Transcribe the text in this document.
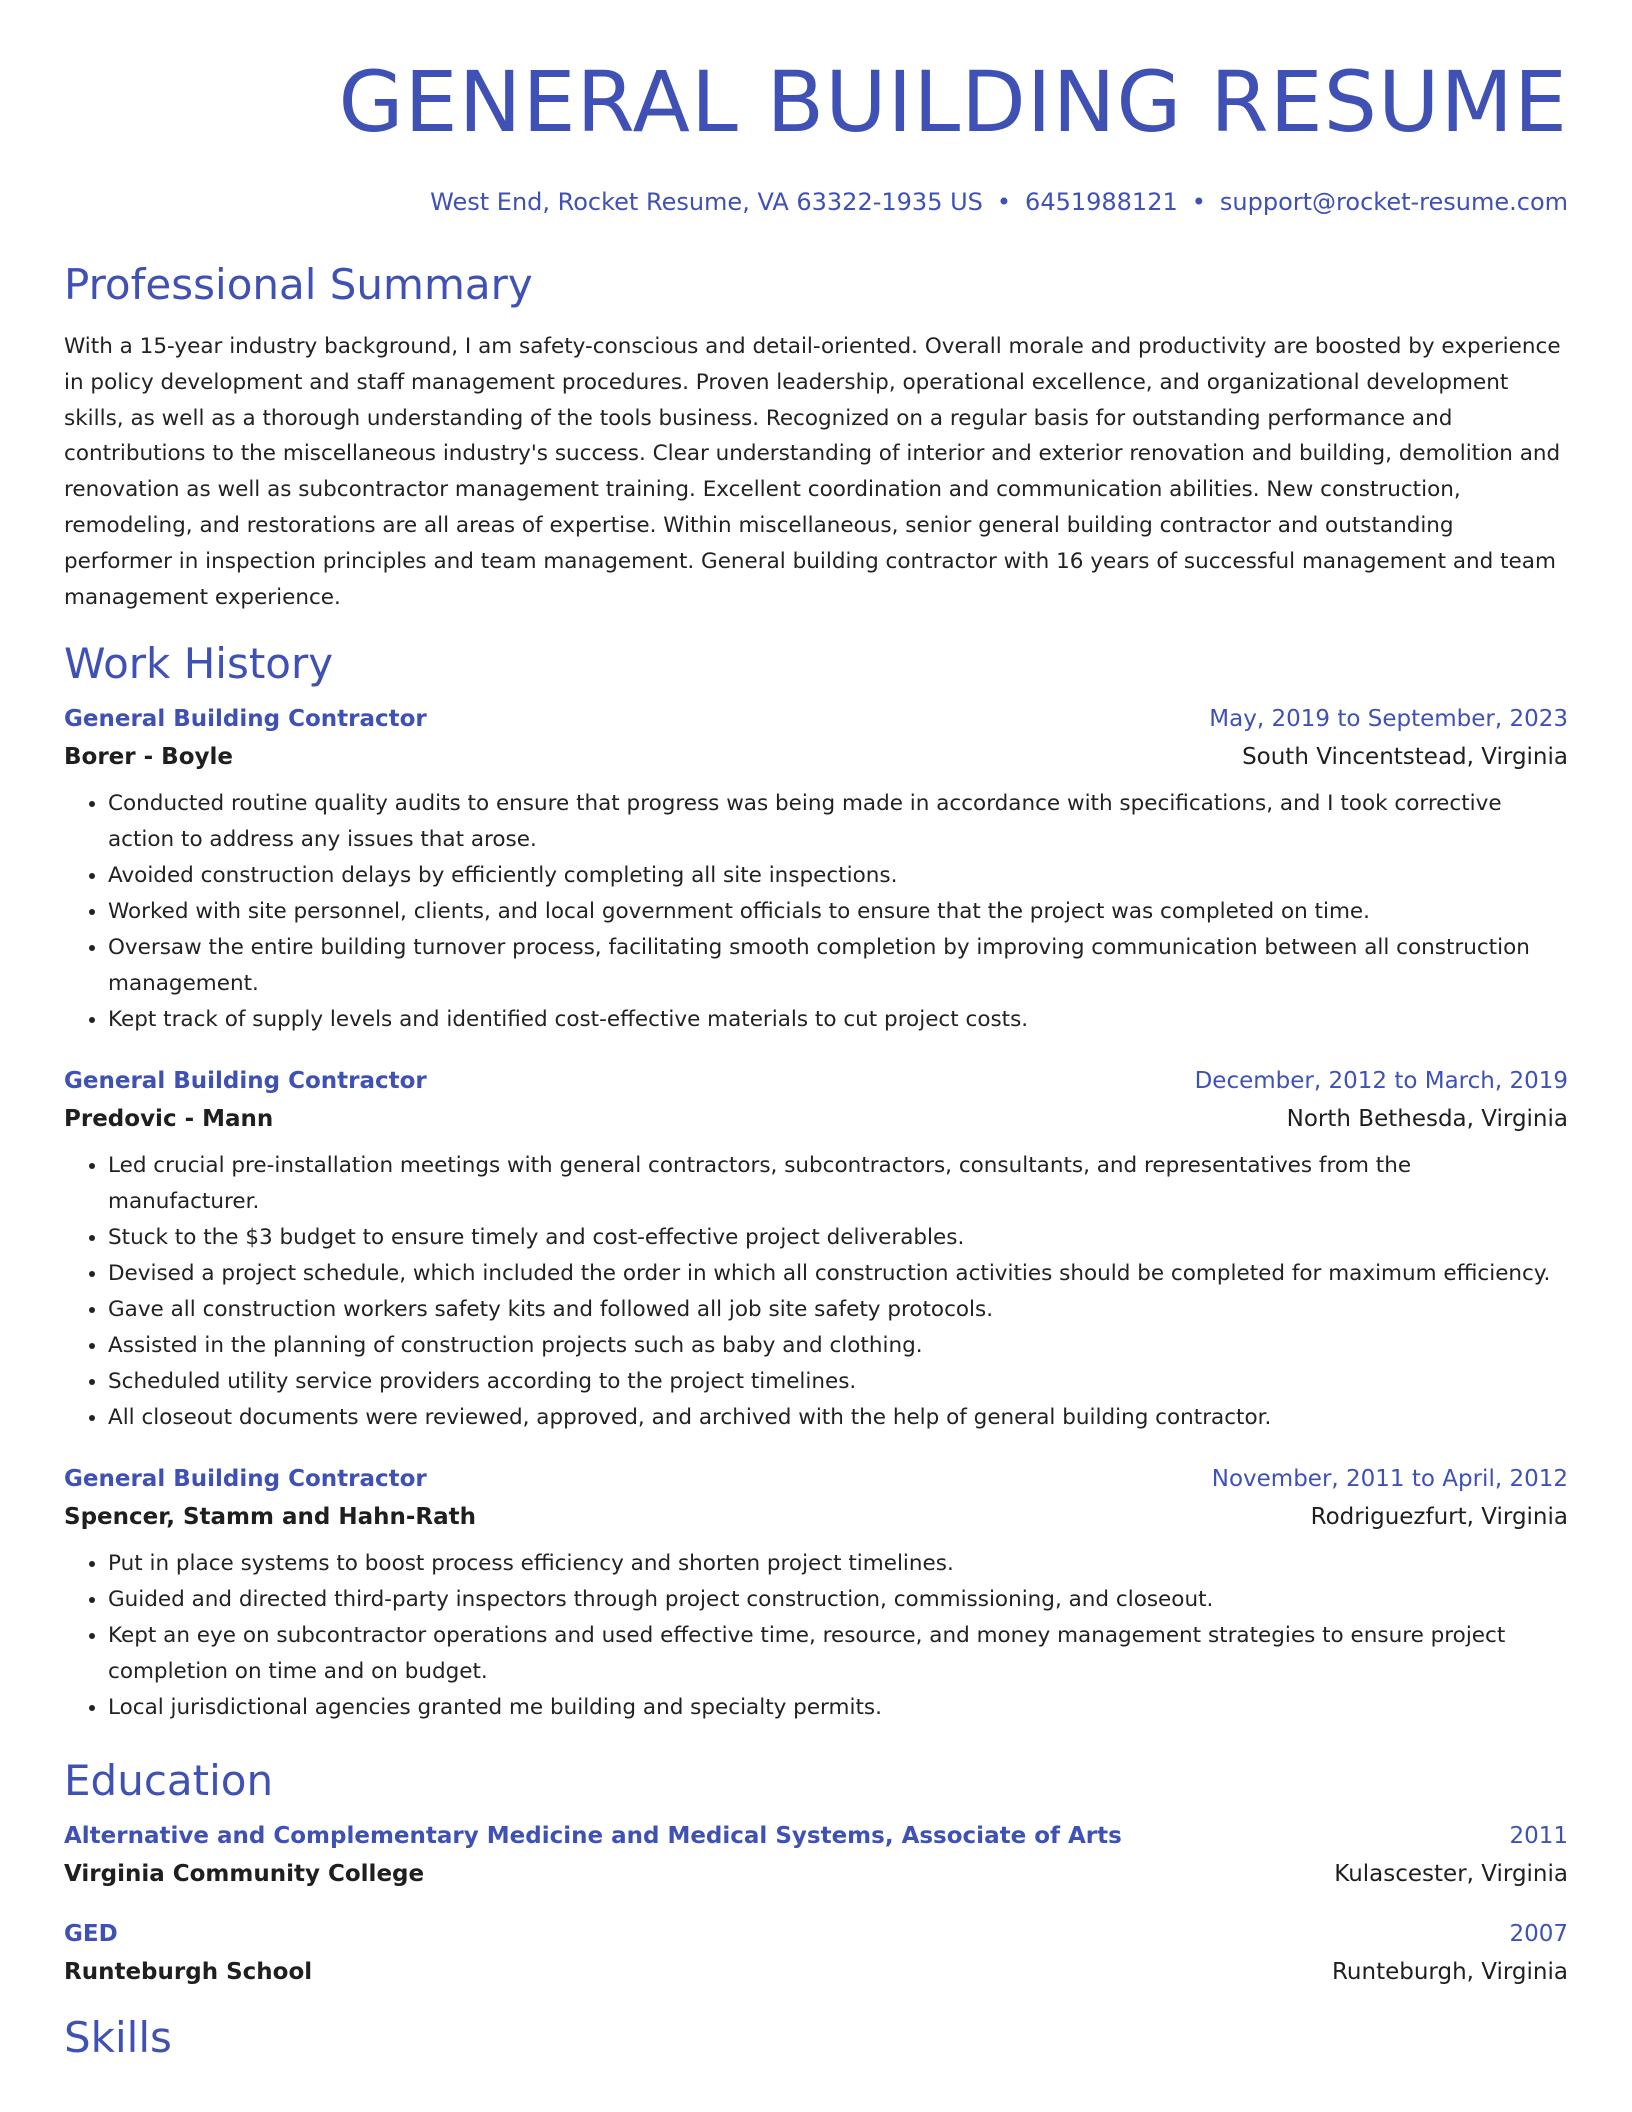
GENERAL BUILDING RESUME
West End, Rocket Resume, VA 63322-1935 US • 6451988121 • support@rocket-resume.com
Professional Summary

With a 15-year industry background, I am safety-conscious and detail-oriented. Overall morale and productivity are boosted by experience in policy development and staff management procedures. Proven leadership, operational excellence, and organizational development skills, as well as a thorough understanding of the tools business. Recognized on a regular basis for outstanding performance and contributions to the miscellaneous industry's success. Clear understanding of interior and exterior renovation and building, demolition and renovation as well as subcontractor management training. Excellent coordination and communication abilities. New construction, remodeling, and restorations are all areas of expertise. Within miscellaneous, senior general building contractor and outstanding performer in inspection principles and team management. General building contractor with 16 years of successful management and team management experience.

Work History
General Building Contractor	May, 2019 to September, 2023
Borer - Boyle	South Vincentstead, Virginia
• Conducted routine quality audits to ensure that progress was being made in accordance with specifications, and I took corrective action to address any issues that arose.
• Avoided construction delays by efficiently completing all site inspections.
• Worked with site personnel, clients, and local government officials to ensure that the project was completed on time.
• Oversaw the entire building turnover process, facilitating smooth completion by improving communication between all construction management.
• Kept track of supply levels and identified cost-effective materials to cut project costs.
General Building Contractor	December, 2012 to March, 2019
Predovic - Mann	North Bethesda, Virginia
• Led crucial pre-installation meetings with general contractors, subcontractors, consultants, and representatives from the manufacturer.
• Stuck to the $3 budget to ensure timely and cost-effective project deliverables.
• Devised a project schedule, which included the order in which all construction activities should be completed for maximum efficiency.
• Gave all construction workers safety kits and followed all job site safety protocols.
• Assisted in the planning of construction projects such as baby and clothing.
• Scheduled utility service providers according to the project timelines.
• All closeout documents were reviewed, approved, and archived with the help of general building contractor.
General Building Contractor	November, 2011 to April, 2012
Spencer, Stamm and Hahn-Rath	Rodriguezfurt, Virginia
• Put in place systems to boost process efficiency and shorten project timelines.
• Guided and directed third-party inspectors through project construction, commissioning, and closeout.
• Kept an eye on subcontractor operations and used effective time, resource, and money management strategies to ensure project completion on time and on budget.
• Local jurisdictional agencies granted me building and specialty permits.
Education
Alternative and Complementary Medicine and Medical Systems, Associate of Arts	2011
Virginia Community College	Kulascester, Virginia
GED	2007
Runteburgh School	Runteburgh, Virginia
Skills
